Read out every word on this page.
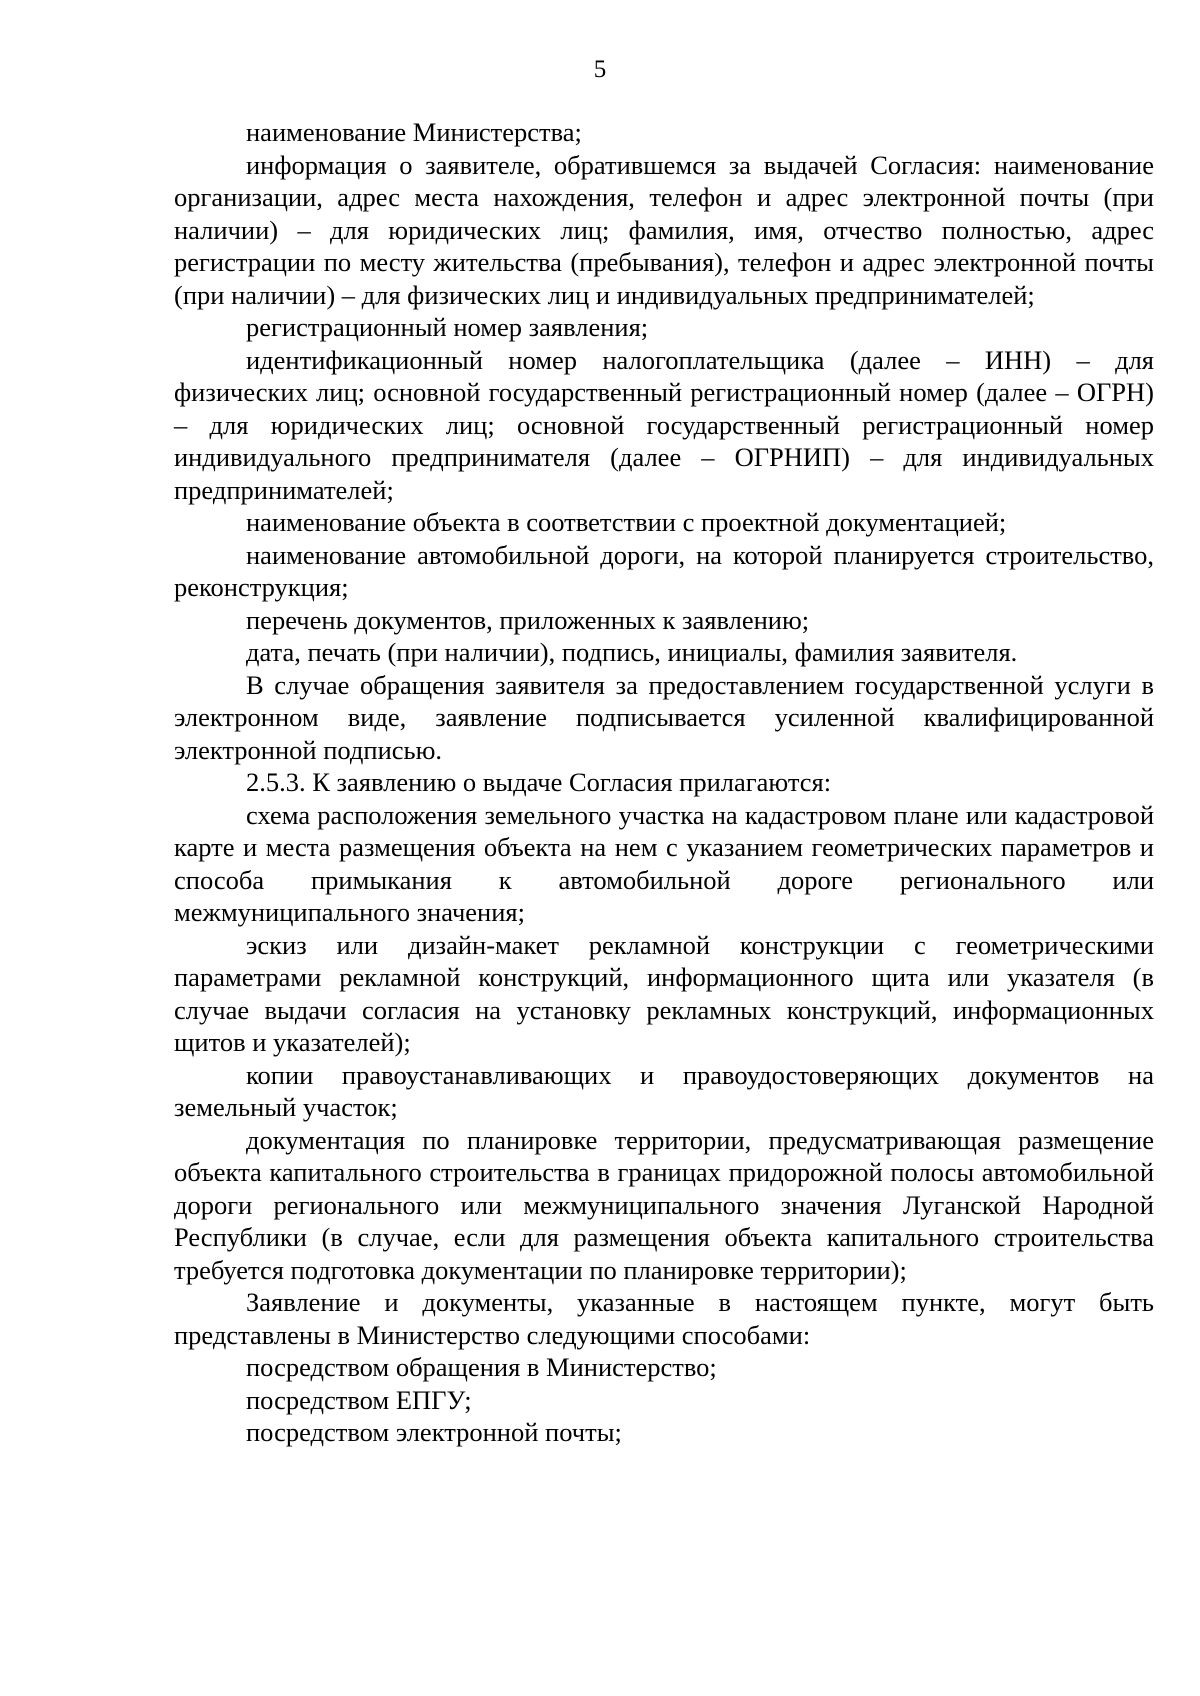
5

наименование Министерства;

информация о заявителе, обратившемся за выдачей Согласия: наименование организации, адрес места нахождения, телефон и адрес электронной почты (при наличии) – для юридических лиц; фамилия, имя, отчество полностью, адрес регистрации по месту жительства (пребывания), телефон и адрес электронной почты (при наличии) – для физических лиц и индивидуальных предпринимателей;

регистрационный номер заявления;

идентификационный номер налогоплательщика (далее – ИНН) – для физических лиц; основной государственный регистрационный номер (далее – ОГРН) – для юридических лиц; основной государственный регистрационный номер индивидуального предпринимателя (далее – ОГРНИП) – для индивидуальных предпринимателей;

наименование объекта в соответствии с проектной документацией;

наименование автомобильной дороги, на которой планируется строительство, реконструкция;

перечень документов, приложенных к заявлению;

дата, печать (при наличии), подпись, инициалы, фамилия заявителя.

В случае обращения заявителя за предоставлением государственной услуги в электронном виде, заявление подписывается усиленной квалифицированной электронной подписью.

2.5.3. К заявлению о выдаче Согласия прилагаются:

схема расположения земельного участка на кадастровом плане или кадастровой карте и места размещения объекта на нем с указанием геометрических параметров и способа примыкания к автомобильной дороге регионального или межмуниципального значения;

эскиз или дизайн-макет рекламной конструкции с геометрическими параметрами рекламной конструкций, информационного щита или указателя (в случае выдачи согласия на установку рекламных конструкций, информационных щитов и указателей);

копии правоустанавливающих и правоудостоверяющих документов на земельный участок;

документация по планировке территории, предусматривающая размещение объекта капитального строительства в границах придорожной полосы автомобильной дороги регионального или межмуниципального значения Луганской Народной Республики (в случае, если для размещения объекта капитального строительства требуется подготовка документации по планировке территории);

Заявление и документы, указанные в настоящем пункте, могут быть представлены в Министерство следующими способами:

посредством обращения в Министерство;

посредством ЕПГУ;

посредством электронной почты;
